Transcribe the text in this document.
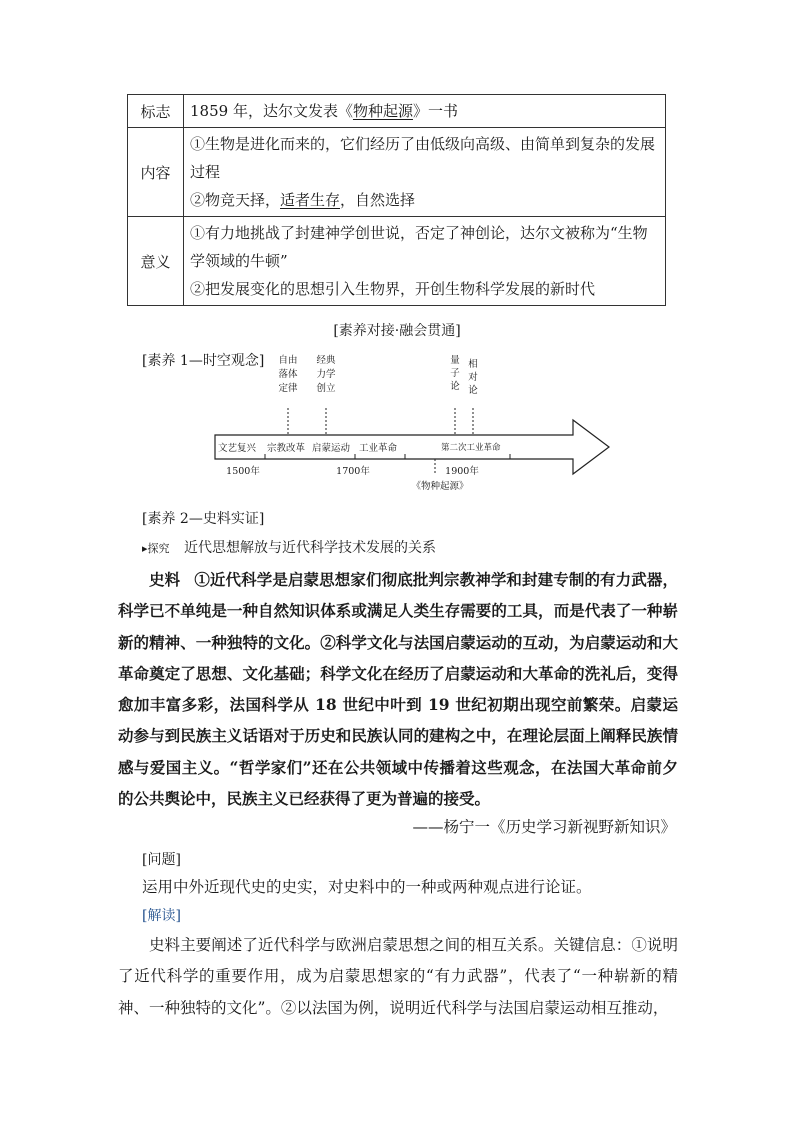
标志	1859 年，达尔文发表《物种起源》一书

内容	①生物是进化而来的，它们经历了由低级向高级、由简单到复杂的发展过程
②物竞天择，适者生存，自然选择

意义	①有力地挑战了封建神学创世说，否定了神创论，达尔文被称为“生物学领域的牛顿”
②把发展变化的思想引入生物界，开创生物科学发展的新时代
[素养对接·融会贯通]
[素养 1—时空观念] 自由
落体
定律
经典
力学
创立
量
子
论
相
对
论
文艺复兴 宗教改革 启蒙运动 工业革命	第二次工业革命
1500年	1700年	1900年
《物种起源》
[素养 2—史料实证]
▸探究 近代思想解放与近代科学技术发展的关系
史料 ①近代科学是启蒙思想家们彻底批判宗教神学和封建专制的有力武器，科学已不单纯是一种自然知识体系或满足人类生存需要的工具，而是代表了一种崭新的精神、一种独特的文化。②科学文化与法国启蒙运动的互动，为启蒙运动和大革命奠定了思想、文化基础；科学文化在经历了启蒙运动和大革命的洗礼后，变得愈加丰富多彩，法国科学从 18 世纪中叶到 19 世纪初期出现空前繁荣。启蒙运动参与到民族主义话语对于历史和民族认同的建构之中，在理论层面上阐释民族情感与爱国主义。“哲学家们”还在公共领域中传播着这些观念，在法国大革命前夕的公共舆论中，民族主义已经获得了更为普遍的接受。
——杨宁一《历史学习新视野新知识》
[问题]
运用中外近现代史的史实，对史料中的一种或两种观点进行论证。
[解读]
史料主要阐述了近代科学与欧洲启蒙思想之间的相互关系。关键信息：①说明了近代科学的重要作用，成为启蒙思想家的“有力武器”，代表了“一种崭新的精神、一种独特的文化”。②以法国为例，说明近代科学与法国启蒙运动相互推动，
